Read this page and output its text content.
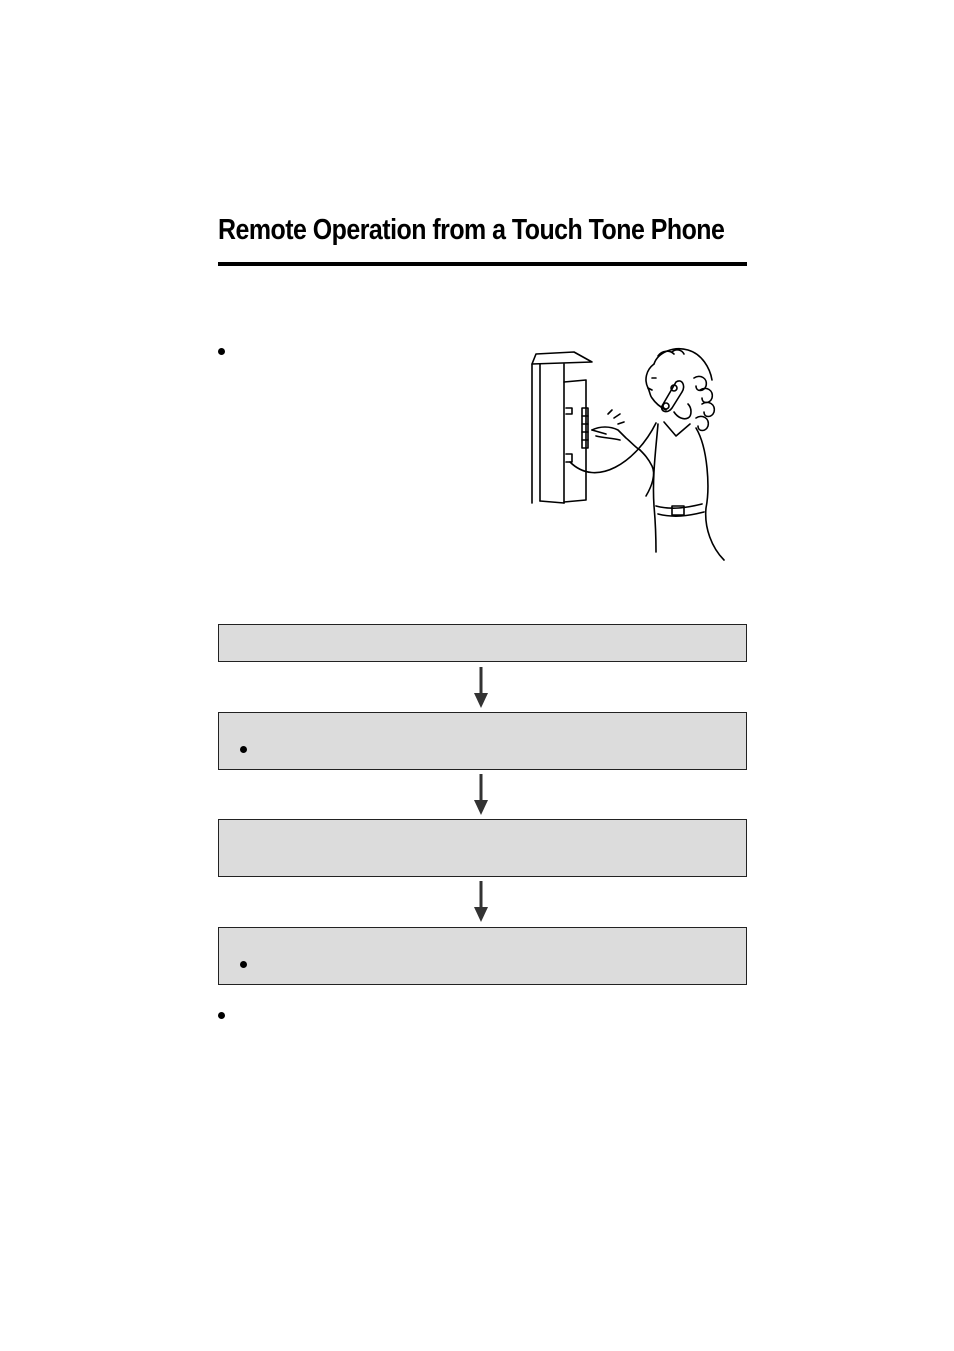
Remote Operation from a Touch Tone Phone
